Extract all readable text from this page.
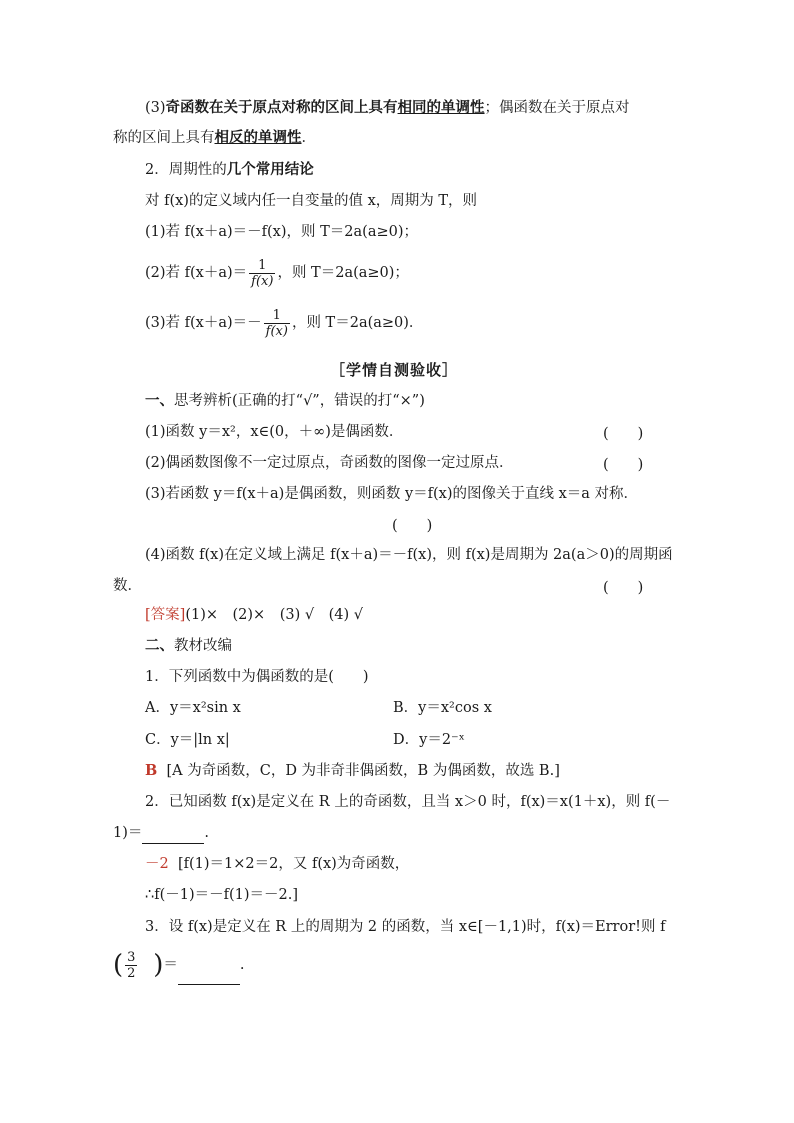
(3)奇函数在关于原点对称的区间上具有相同的单调性；偶函数在关于原点对
称的区间上具有相反的单调性．
2．周期性的几个常用结论
对 f(x)的定义域内任一自变量的值 x，周期为 T，则
(1)若 f(x＋a)＝－f(x)，则 T＝2a(a≥0)；
(2)若 $f(x+a)= \frac{1}{f(x)}$ ，则 T＝2a(a≥0)；
(3)若 $f(x+a)=- \frac{1}{f(x)}$ ，则 T＝2a(a≥0)．
［学情自测验收］
一、思考辨析(正确的打“√”，错误的打“×”)
(1)函数 y＝x²，x∈(0，＋∞)是偶函数．	(　　)
(2)偶函数图像不一定过原点，奇函数的图像一定过原点．	(　　)
(3)若函数 y＝f(x＋a)是偶函数，则函数 y＝f(x)的图像关于直线 x＝a 对称．
(　　)
(4)函数 f(x)在定义域上满足 f(x＋a)＝－f(x)，则 f(x)是周期为 2a(a＞0)的周期函
数．	(　　)
[答案](1)×　(2)×　(3) √　(4) √
二、教材改编
1．下列函数中为偶函数的是(　　)
A．y＝x²sin x	B．y＝x²cos x
C．y＝|ln x|	D．y＝2⁻ˣ
B [A 为奇函数，C，D 为非奇非偶函数，B 为偶函数，故选 B.]
2．已知函数 f(x)是定义在 R 上的奇函数，且当 x＞0 时，f(x)＝x(1＋x)，则 f(－
1)＝	.
－2 [f(1)＝1×2＝2，又 f(x)为奇函数，
∴f(－1)＝－f(1)＝－2.]
3．设 f(x)是定义在 R 上的周期为 2 的函数，当 x∈[－1,1)时，f(x)＝Error!则 f
( $\frac{3}{2}$ )＝	.
